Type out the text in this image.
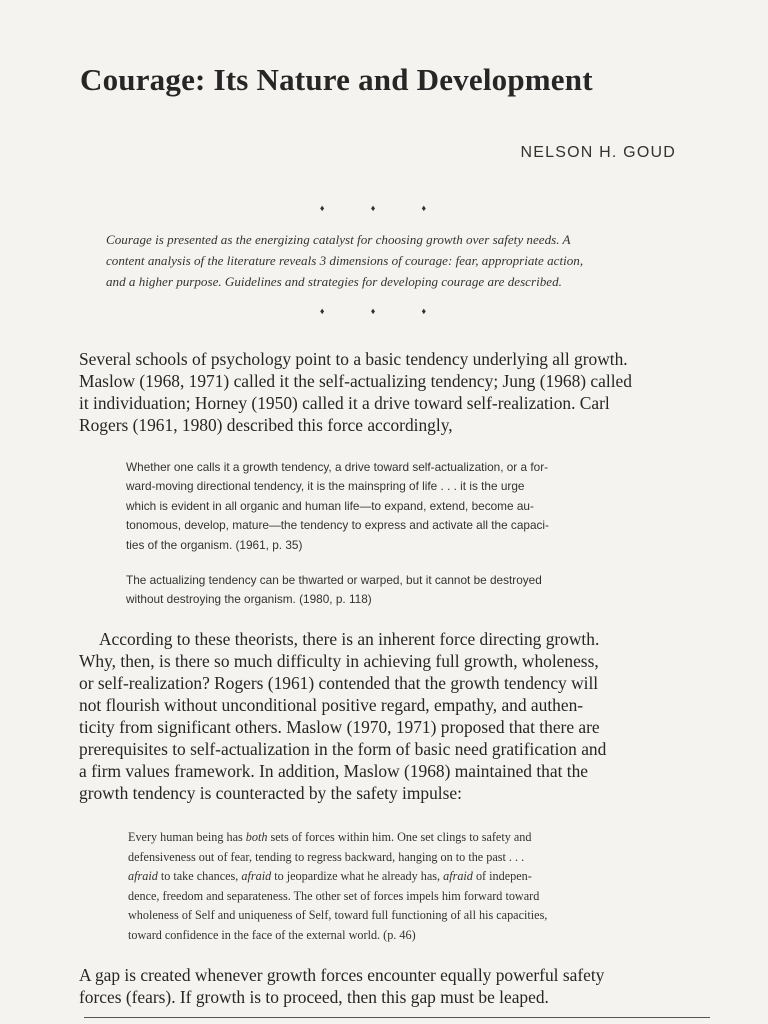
Courage: Its Nature and Development
NELSON H. GOUD
♦ ♦ ♦

Courage is presented as the energizing catalyst for choosing growth over safety needs. A

content analysis of the literature reveals 3 dimensions of courage: fear, appropriate action,

and a higher purpose. Guidelines and strategies for developing courage are described.

♦ ♦ ♦
Several schools of psychology point to a basic tendency underlying all growth.
Maslow (1968, 1971) called it the self-actualizing tendency; Jung (1968) called
it individuation; Horney (1950) called it a drive toward self-realization. Carl
Rogers (1961, 1980) described this force accordingly,
Whether one calls it a growth tendency, a drive toward self-actualization, or a for-
ward-moving directional tendency, it is the mainspring of life . . . it is the urge
which is evident in all organic and human life—to expand, extend, become au-
tonomous, develop, mature—the tendency to express and activate all the capaci-
ties of the organism. (1961, p. 35)
The actualizing tendency can be thwarted or warped, but it cannot be destroyed
without destroying the organism. (1980, p. 118)
According to these theorists, there is an inherent force directing growth.
Why, then, is there so much difficulty in achieving full growth, wholeness,
or self-realization? Rogers (1961) contended that the growth tendency will
not flourish without unconditional positive regard, empathy, and authen-
ticity from significant others. Maslow (1970, 1971) proposed that there are
prerequisites to self-actualization in the form of basic need gratification and
a firm values framework. In addition, Maslow (1968) maintained that the
growth tendency is counteracted by the safety impulse:
Every human being has both sets of forces within him. One set clings to safety and
defensiveness out of fear, tending to regress backward, hanging on to the past . . .
afraid to take chances, afraid to jeopardize what he already has, afraid of indepen-
dence, freedom and separateness. The other set of forces impels him forward toward
wholeness of Self and uniqueness of Self, toward full functioning of all his capacities,
toward confidence in the face of the external world. (p. 46)
A gap is created whenever growth forces encounter equally powerful safety
forces (fears). If growth is to proceed, then this gap must be leaped.
